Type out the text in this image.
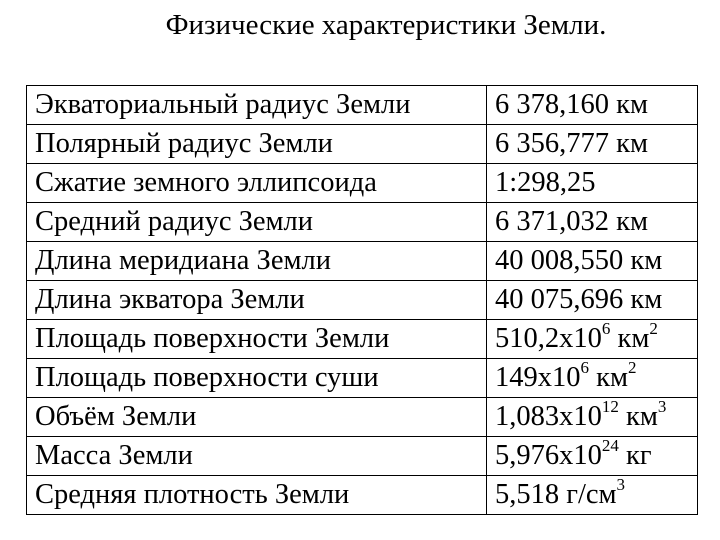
Физические характеристики Земли.
Экваториальный радиус Земли	6 378,160 км
Полярный радиус Земли	6 356,777 км
Сжатие земного эллипсоида	1:298,25
Средний радиус Земли	6 371,032 км
Длина меридиана Земли	40 008,550 км
Длина экватора Земли	40 075,696 км
Площадь поверхности Земли	$510,2x10^6$ $км^2$
Площадь поверхности суши	$149x10^6$ $км^2$
Объём Земли	$1,083x10^{12}$ $км^3$
Масса Земли	$5,976x10^{24}$ кг
Средняя плотность Земли	5,518 $г/см^3$
